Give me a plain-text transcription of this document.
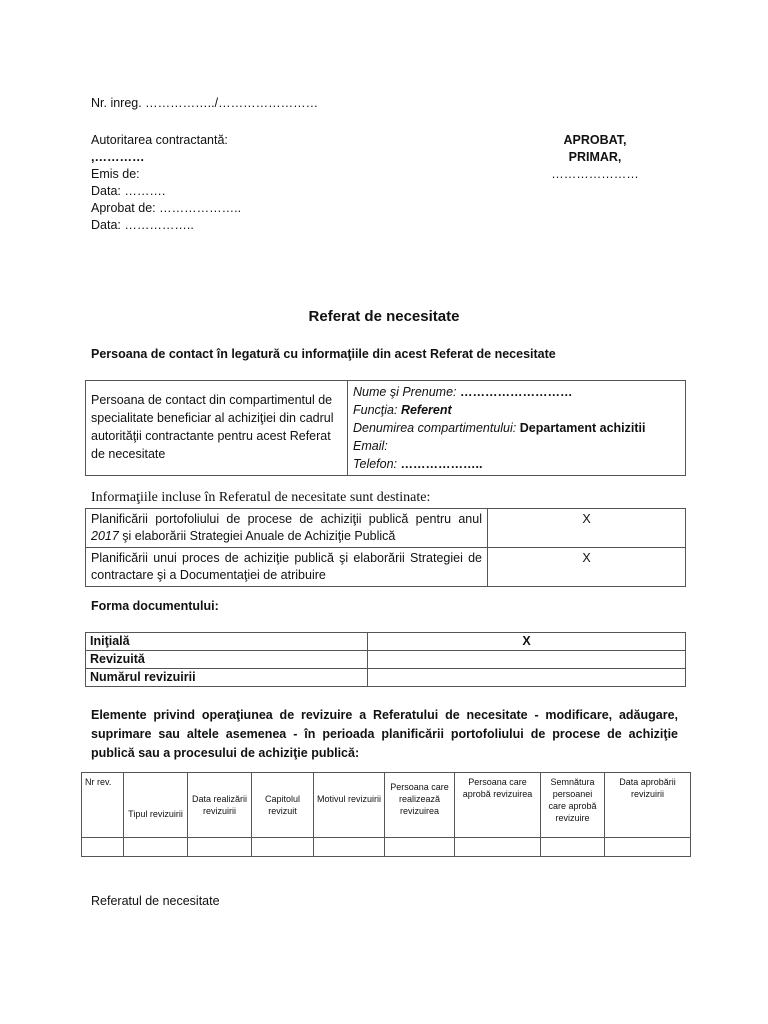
Nr. inreg. ……………../……………………
Autoritarea contractantă:
,…………
Emis de:
Data: ……….
Aprobat de: ………………..
Data: ……………..
APROBAT,
PRIMAR,
…………………
Referat de necesitate
Persoana de contact în legatură cu informaţiile din acest Referat de necesitate
Persoana de contact din compartimentul de specialitate beneficiar al achiziţiei din cadrul autorităţii contractante pentru acest Referat de necesitate	
Nume şi Prenume: ………………………
Funcţia: Referent
Denumirea compartimentului: Departament achizitii
Email:
Telefon: ………………..
Informaţiile incluse în Referatul de necesitate sunt destinate:
Planificării portofoliului de procese de achiziţii publică pentru anul 2017 şi elaborării Strategiei Anuale de Achiziţie Publică	X
Planificării unui proces de achiziţie publică şi elaborării Strategiei de contractare şi a Documentaţiei de atribuire	X
Forma documentului:
Iniţială	X
Revizuită	
Numărul revizuirii	
Elemente privind operaţiunea de revizuire a Referatului de necesitate - modificare, adăugare, suprimare sau altele asemenea - în perioada planificării portofoliului de procese de achiziţie publică sau a procesului de achiziţie publică:
Nr rev.	Tipul revizuirii	Data realizării revizuirii	Capitolul revizuit	Motivul revizuirii	Persoana care realizează revizuirea	Persoana care aprobă revizuirea	Semnătura persoanei care aprobă revizuire	Data aprobării revizuirii

Referatul de necesitate
